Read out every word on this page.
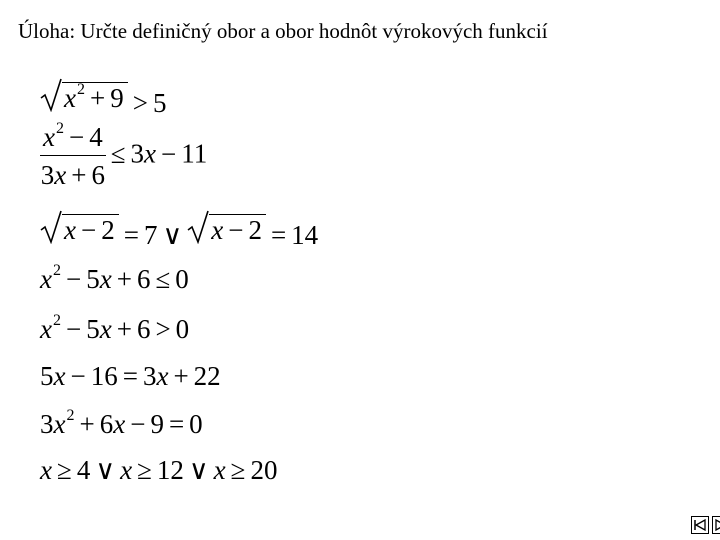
Úloha: Určte definičný obor a obor hodnôt výrokových funkcií
$x^2 + 9 > 5$
$\frac{x^2 - 4}{3x + 6} \le 3x - 11$
x − 2 = 7 ∨ x − 2 = 14
$x^2 - 5x + 6 \le 0$
$x^2 - 5x + 6 > 0$
5x − 16 = 3x + 22
$3x^2 + 6x - 9 = 0$
x ≥ 4 ∨ x ≥ 12 ∨ x ≥ 20
